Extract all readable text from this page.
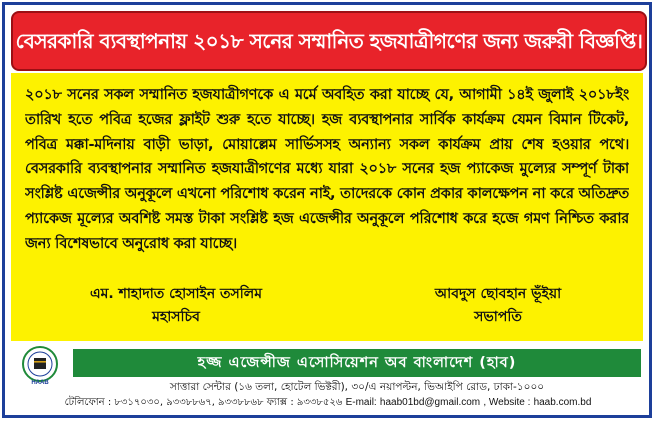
বেসরকারি ব্যবস্থাপনায় ২০১৮ সনের সম্মানিত হজযাত্রীগণের জন্য জরুরী বিজ্ঞপ্তি।

২০১৮ সনের সকল সম্মানিত হজযাত্রীগণকে এ মর্মে অবহিত করা যাচ্ছে যে, আগামী ১৪ই জুলাই ২০১৮ইং তারিখ হতে পবিত্র হজের ফ্লাইট শুরু হতে যাচ্ছে। হজ ব্যবস্থাপনার সার্বিক কার্যক্রম যেমন বিমান টিকেট, পবিত্র মক্কা-মদিনায় বাড়ী ভাড়া, মোয়াল্লেম সার্ভিসসহ অন্যান্য সকল কার্যক্রম প্রায় শেষ হওয়ার পথে। বেসরকারি ব্যবস্থাপনার সম্মানিত হজযাত্রীগণের মধ্যে যারা ২০১৮ সনের হজ প্যাকেজ মুল্যের সম্পূর্ণ টাকা সংশ্লিষ্ট এজেন্সীর অনুকূলে এখনো পরিশোধ করেন নাই, তাদেরকে কোন প্রকার কালক্ষেপন না করে অতিদ্রুত প্যাকেজ মূল্যের অবশিষ্ট সমস্ত টাকা সংশ্লিষ্ট হজ এজেন্সীর অনুকূলে পরিশোধ করে হজে গমণ নিশ্চিত করার জন্য বিশেষভাবে অনুরোধ করা যাচ্ছে।

এম. শাহাদাত হোসাইন তসলিম
মহাসচিব
আবদুস ছোবহান ভূঁইয়া
সভাপতি
HAAB
হজ্জ এজেন্সীজ এসোসিয়েশন অব বাংলাদেশ (হাব)
সাত্তারা সেন্টার (১৬ তলা, হোটেল ভিক্টরী), ৩০/এ নয়াপল্টন, ভিআইপি রোড, ঢাকা-১০০০
টেলিফোন : ৮৩১৭০৩০, ৯৩৩৮৮৬৭, ৯৩৩৮৮৬৮ ফ্যাক্স : ৯৩৩৮৫২৬ E-mail: haab01bd@gmail.com , Website : haab.com.bd
